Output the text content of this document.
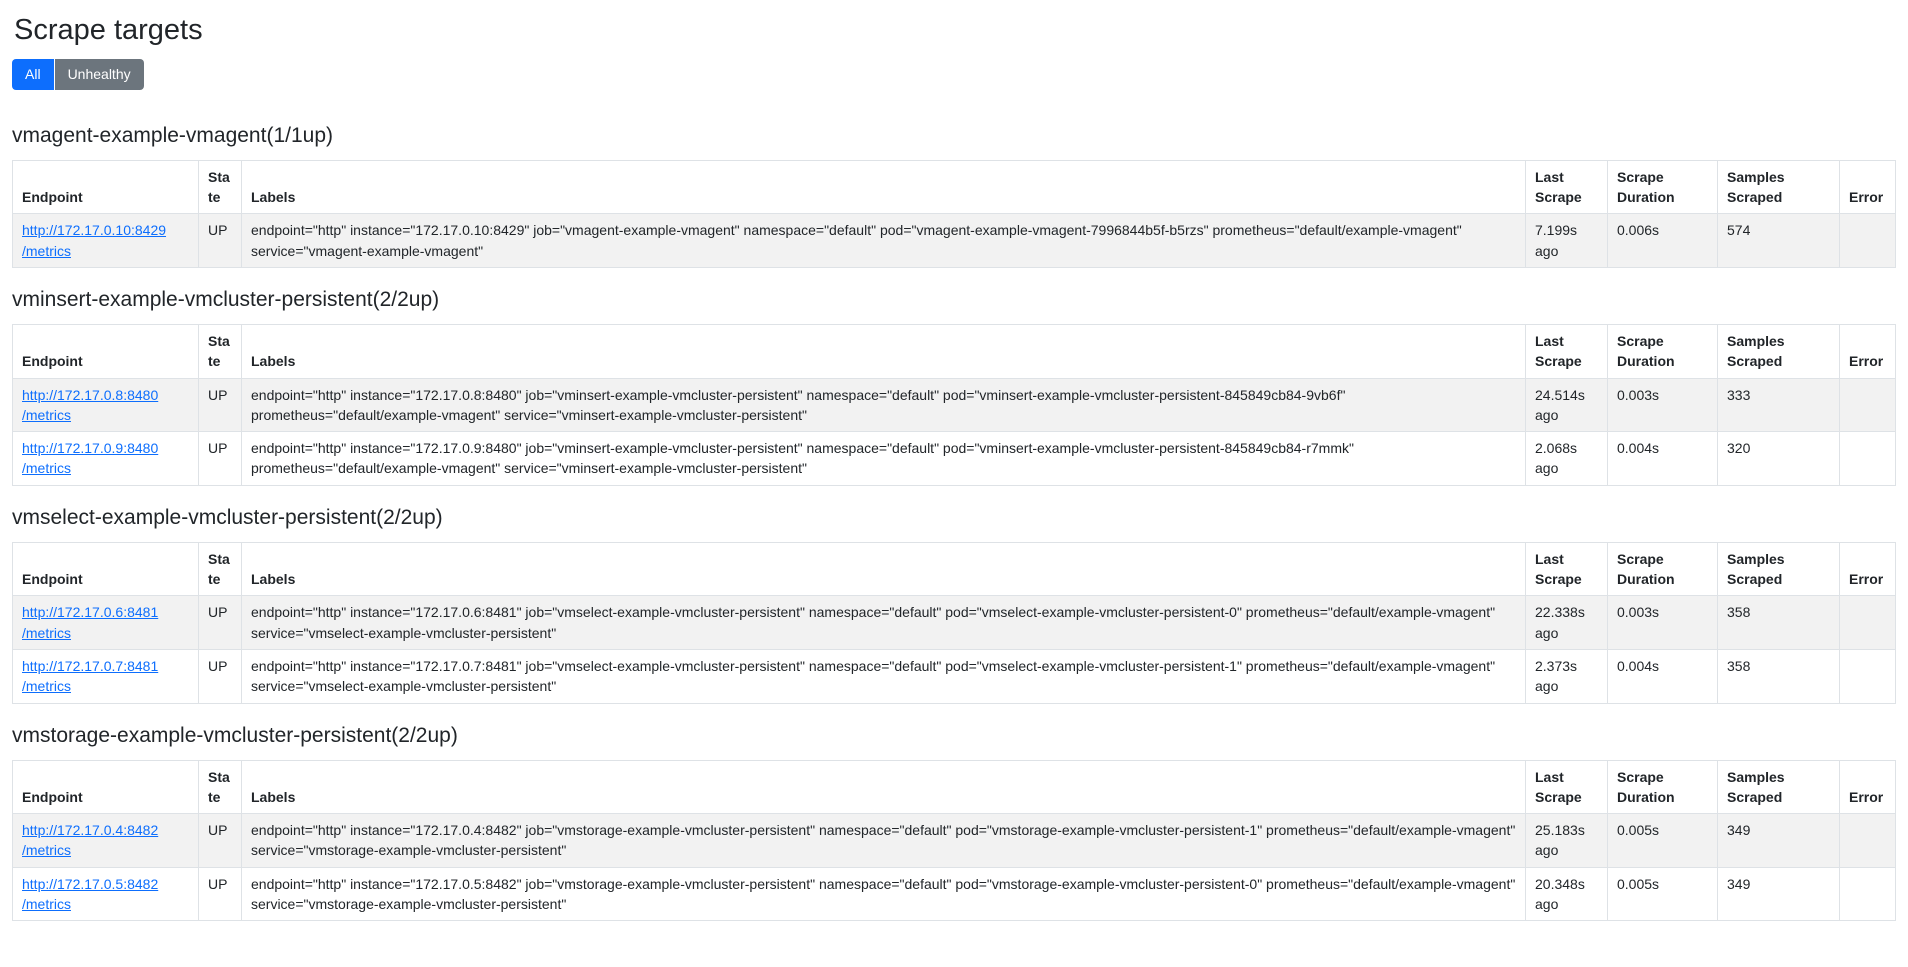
Scrape targets
All	Unhealthy
vmagent-example-vmagent(1/1up)
Endpoint	State	Labels	Last Scrape	Scrape Duration	Samples Scraped	Error
http://172.17.0.10:8429
/metrics	UP	endpoint="http" instance="172.17.0.10:8429" job="vmagent-example-vmagent" namespace="default" pod="vmagent-example-vmagent-7996844b5f-b5rzs" prometheus="default/example-vmagent" service="vmagent-example-vmagent"	7.199s ago	0.006s	574	
vminsert-example-vmcluster-persistent(2/2up)
Endpoint	State	Labels	Last Scrape	Scrape Duration	Samples Scraped	Error
http://172.17.0.8:8480
/metrics	UP	endpoint="http" instance="172.17.0.8:8480" job="vminsert-example-vmcluster-persistent" namespace="default" pod="vminsert-example-vmcluster-persistent-845849cb84-9vb6f" prometheus="default/example-vmagent" service="vminsert-example-vmcluster-persistent"	24.514s ago	0.003s	333	
http://172.17.0.9:8480
/metrics	UP	endpoint="http" instance="172.17.0.9:8480" job="vminsert-example-vmcluster-persistent" namespace="default" pod="vminsert-example-vmcluster-persistent-845849cb84-r7mmk" prometheus="default/example-vmagent" service="vminsert-example-vmcluster-persistent"	2.068s ago	0.004s	320	
vmselect-example-vmcluster-persistent(2/2up)
Endpoint	State	Labels	Last Scrape	Scrape Duration	Samples Scraped	Error
http://172.17.0.6:8481
/metrics	UP	endpoint="http" instance="172.17.0.6:8481" job="vmselect-example-vmcluster-persistent" namespace="default" pod="vmselect-example-vmcluster-persistent-0" prometheus="default/example-vmagent" service="vmselect-example-vmcluster-persistent"	22.338s ago	0.003s	358	
http://172.17.0.7:8481
/metrics	UP	endpoint="http" instance="172.17.0.7:8481" job="vmselect-example-vmcluster-persistent" namespace="default" pod="vmselect-example-vmcluster-persistent-1" prometheus="default/example-vmagent" service="vmselect-example-vmcluster-persistent"	2.373s ago	0.004s	358	
vmstorage-example-vmcluster-persistent(2/2up)
Endpoint	State	Labels	Last Scrape	Scrape Duration	Samples Scraped	Error
http://172.17.0.4:8482
/metrics	UP	endpoint="http" instance="172.17.0.4:8482" job="vmstorage-example-vmcluster-persistent" namespace="default" pod="vmstorage-example-vmcluster-persistent-1" prometheus="default/example-vmagent" service="vmstorage-example-vmcluster-persistent"	25.183s ago	0.005s	349	
http://172.17.0.5:8482
/metrics	UP	endpoint="http" instance="172.17.0.5:8482" job="vmstorage-example-vmcluster-persistent" namespace="default" pod="vmstorage-example-vmcluster-persistent-0" prometheus="default/example-vmagent" service="vmstorage-example-vmcluster-persistent"	20.348s ago	0.005s	349	
